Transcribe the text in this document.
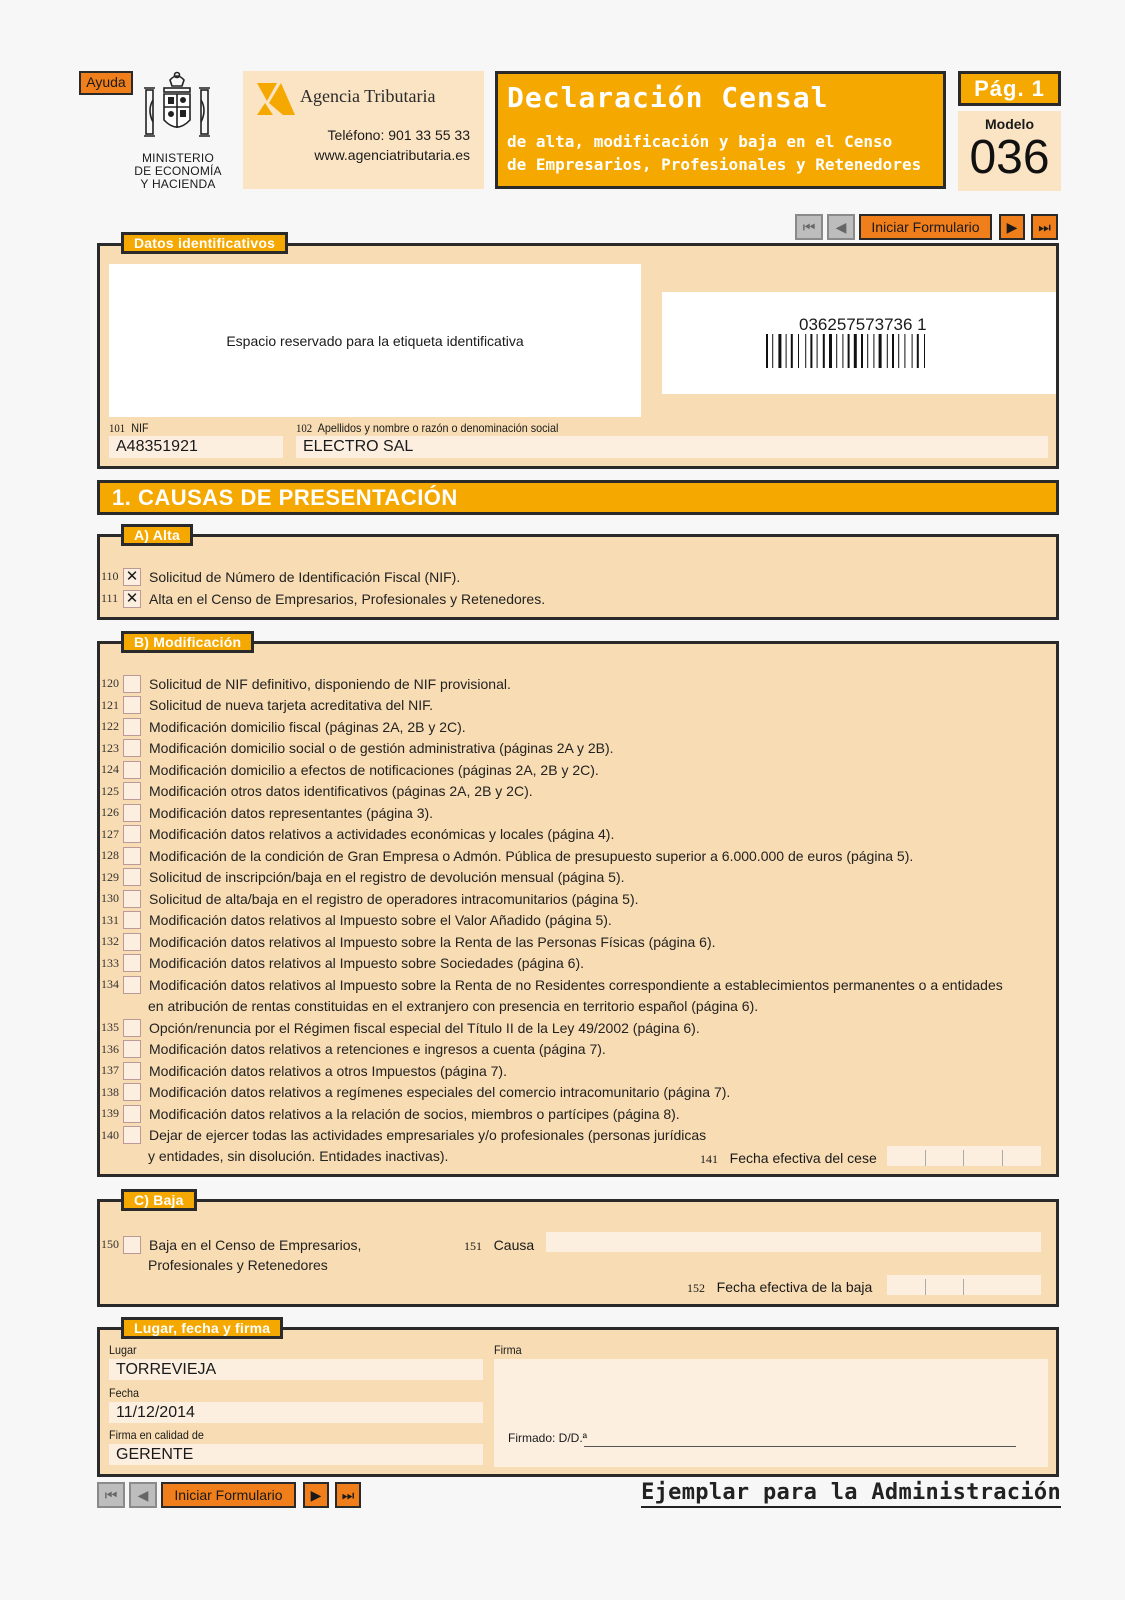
Ayuda
MINISTERIO
DE ECONOMÍA
Y HACIENDA
Agencia Tributaria
Teléfono: 901 33 55 33
www.agenciatributaria.es
Declaración Censal
de alta, modificación y baja en el Censo
de Empresarios, Profesionales y Retenedores
Pág. 1
Modelo
036
⏮	◀	Iniciar Formulario	▶	⏭
Datos identificativos
Espacio reservado para la etiqueta identificativa
036257573736 1
101 NIF
A48351921
102 Apellidos y nombre o razón o denominación social
ELECTRO SAL
1. CAUSAS DE PRESENTACIÓN
A) Alta
110 ✕ Solicitud de Número de Identificación Fiscal (NIF).
111 ✕ Alta en el Censo de Empresarios, Profesionales y Retenedores.
B) Modificación
120 Solicitud de NIF definitivo, disponiendo de NIF provisional.
121 Solicitud de nueva tarjeta acreditativa del NIF.
122 Modificación domicilio fiscal (páginas 2A, 2B y 2C).
123 Modificación domicilio social o de gestión administrativa (páginas 2A y 2B).
124 Modificación domicilio a efectos de notificaciones (páginas 2A, 2B y 2C).
125 Modificación otros datos identificativos (páginas 2A, 2B y 2C).
126 Modificación datos representantes (página 3).
127 Modificación datos relativos a actividades económicas y locales (página 4).
128 Modificación de la condición de Gran Empresa o Admón. Pública de presupuesto superior a 6.000.000 de euros (página 5).
129 Solicitud de inscripción/baja en el registro de devolución mensual (página 5).
130 Solicitud de alta/baja en el registro de operadores intracomunitarios (página 5).
131 Modificación datos relativos al Impuesto sobre el Valor Añadido (página 5).
132 Modificación datos relativos al Impuesto sobre la Renta de las Personas Físicas (página 6).
133 Modificación datos relativos al Impuesto sobre Sociedades (página 6).
134 Modificación datos relativos al Impuesto sobre la Renta de no Residentes correspondiente a establecimientos permanentes o a entidades
en atribución de rentas constituidas en el extranjero con presencia en territorio español (página 6).
135 Opción/renuncia por el Régimen fiscal especial del Título II de la Ley 49/2002 (página 6).
136 Modificación datos relativos a retenciones e ingresos a cuenta (página 7).
137 Modificación datos relativos a otros Impuestos (página 7).
138 Modificación datos relativos a regímenes especiales del comercio intracomunitario (página 7).
139 Modificación datos relativos a la relación de socios, miembros o partícipes (página 8).
140 Dejar de ejercer todas las actividades empresariales y/o profesionales (personas jurídicas
y entidades, sin disolución. Entidades inactivas).	141 Fecha efectiva del cese
C) Baja
150 Baja en el Censo de Empresarios,
Profesionales y Retenedores
151 Causa
152 Fecha efectiva de la baja
Lugar, fecha y firma
Lugar
TORREVIEJA
Fecha
11/12/2014
Firma en calidad de
GERENTE
Firma
Firmado: D/D.ª
⏮	◀	Iniciar Formulario	▶	⏭	Ejemplar para la Administración
